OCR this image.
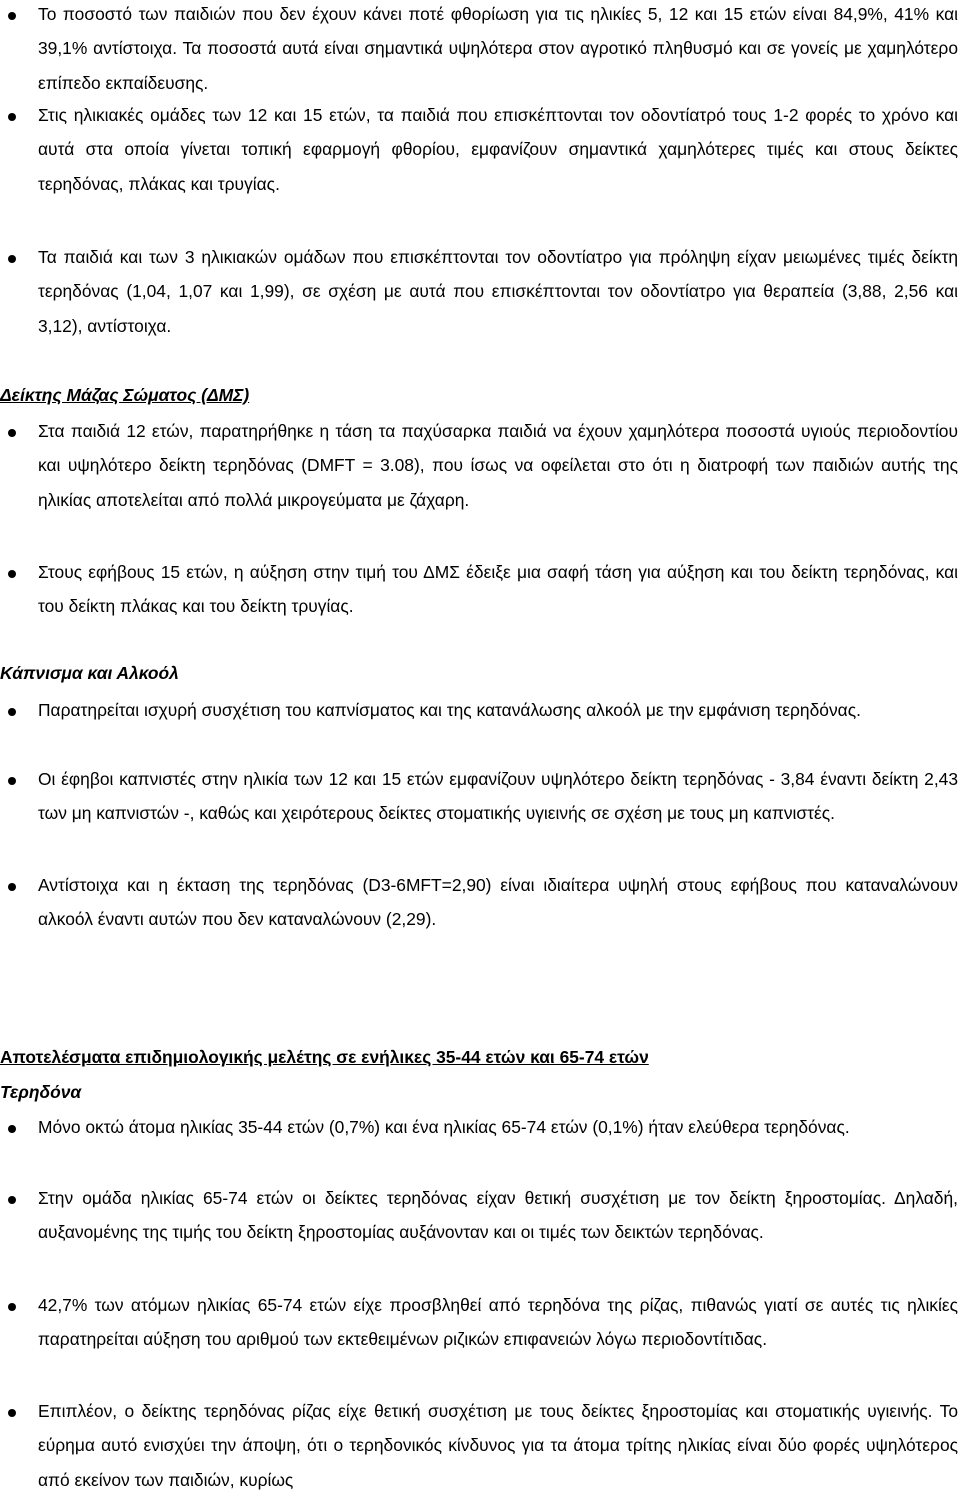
Το ποσοστό των παιδιών που δεν έχουν κάνει ποτέ φθορίωση για τις ηλικίες 5, 12 και 15 ετών είναι 84,9%, 41% και 39,1% αντίστοιχα. Τα ποσοστά αυτά είναι σημαντικά υψηλότερα στον αγροτικό πληθυσμό και σε γονείς με χαμηλότερο επίπεδο εκπαίδευσης.

Στις ηλικιακές ομάδες των 12 και 15 ετών, τα παιδιά που επισκέπτονται τον οδοντίατρό τους 1-2 φορές το χρόνο και αυτά στα οποία γίνεται τοπική εφαρμογή φθορίου, εμφανίζουν σημαντικά χαμηλότερες τιμές και στους δείκτες τερηδόνας, πλάκας και τρυγίας.

Τα παιδιά και των 3 ηλικιακών ομάδων που επισκέπτονται τον οδοντίατρο για πρόληψη είχαν μειωμένες τιμές δείκτη τερηδόνας (1,04, 1,07 και 1,99), σε σχέση με αυτά που επισκέπτονται τον οδοντίατρο για θεραπεία (3,88, 2,56 και 3,12), αντίστοιχα.

Δείκτης Μάζας Σώματος (ΔΜΣ)

Στα παιδιά 12 ετών, παρατηρήθηκε η τάση τα παχύσαρκα παιδιά να έχουν χαμηλότερα ποσοστά υγιούς περιοδοντίου και υψηλότερο δείκτη τερηδόνας (DMFT = 3.08), που ίσως να οφείλεται στο ότι η διατροφή των παιδιών αυτής της ηλικίας αποτελείται από πολλά μικρογεύματα με ζάχαρη.

Στους εφήβους 15 ετών, η αύξηση στην τιμή του ΔΜΣ έδειξε μια σαφή τάση για αύξηση και του δείκτη τερηδόνας, και του δείκτη πλάκας και του δείκτη τρυγίας.

Κάπνισμα και Αλκοόλ

Παρατηρείται ισχυρή συσχέτιση του καπνίσματος και της κατανάλωσης αλκοόλ με την εμφάνιση τερηδόνας.

Οι έφηβοι καπνιστές στην ηλικία των 12 και 15 ετών εμφανίζουν υψηλότερο δείκτη τερηδόνας - 3,84 έναντι δείκτη 2,43 των μη καπνιστών -, καθώς και χειρότερους δείκτες στοματικής υγιεινής σε σχέση με τους μη καπνιστές.

Αντίστοιχα και η έκταση της τερηδόνας (D3-6MFT=2,90) είναι ιδιαίτερα υψηλή στους εφήβους που καταναλώνουν αλκοόλ έναντι αυτών που δεν καταναλώνουν (2,29).

Αποτελέσματα επιδημιολογικής μελέτης σε ενήλικες 35-44 ετών και 65-74 ετών

Τερηδόνα

Μόνο οκτώ άτομα ηλικίας 35-44 ετών (0,7%) και ένα ηλικίας 65-74 ετών (0,1%) ήταν ελεύθερα τερηδόνας.

Στην ομάδα ηλικίας 65-74 ετών οι δείκτες τερηδόνας είχαν θετική συσχέτιση με τον δείκτη ξηροστομίας. Δηλαδή, αυξανομένης της τιμής του δείκτη ξηροστομίας αυξάνονταν και οι τιμές των δεικτών τερηδόνας.

42,7% των ατόμων ηλικίας 65-74 ετών είχε προσβληθεί από τερηδόνα της ρίζας, πιθανώς γιατί σε αυτές τις ηλικίες παρατηρείται αύξηση του αριθμού των εκτεθειμένων ριζικών επιφανειών λόγω περιοδοντίτιδας.

Επιπλέον, ο δείκτης τερηδόνας ρίζας είχε θετική συσχέτιση με τους δείκτες ξηροστομίας και στοματικής υγιεινής. Το εύρημα αυτό ενισχύει την άποψη, ότι ο τερηδονικός κίνδυνος για τα άτομα τρίτης ηλικίας είναι δύο φορές υψηλότερος από εκείνον των παιδιών, κυρίως
